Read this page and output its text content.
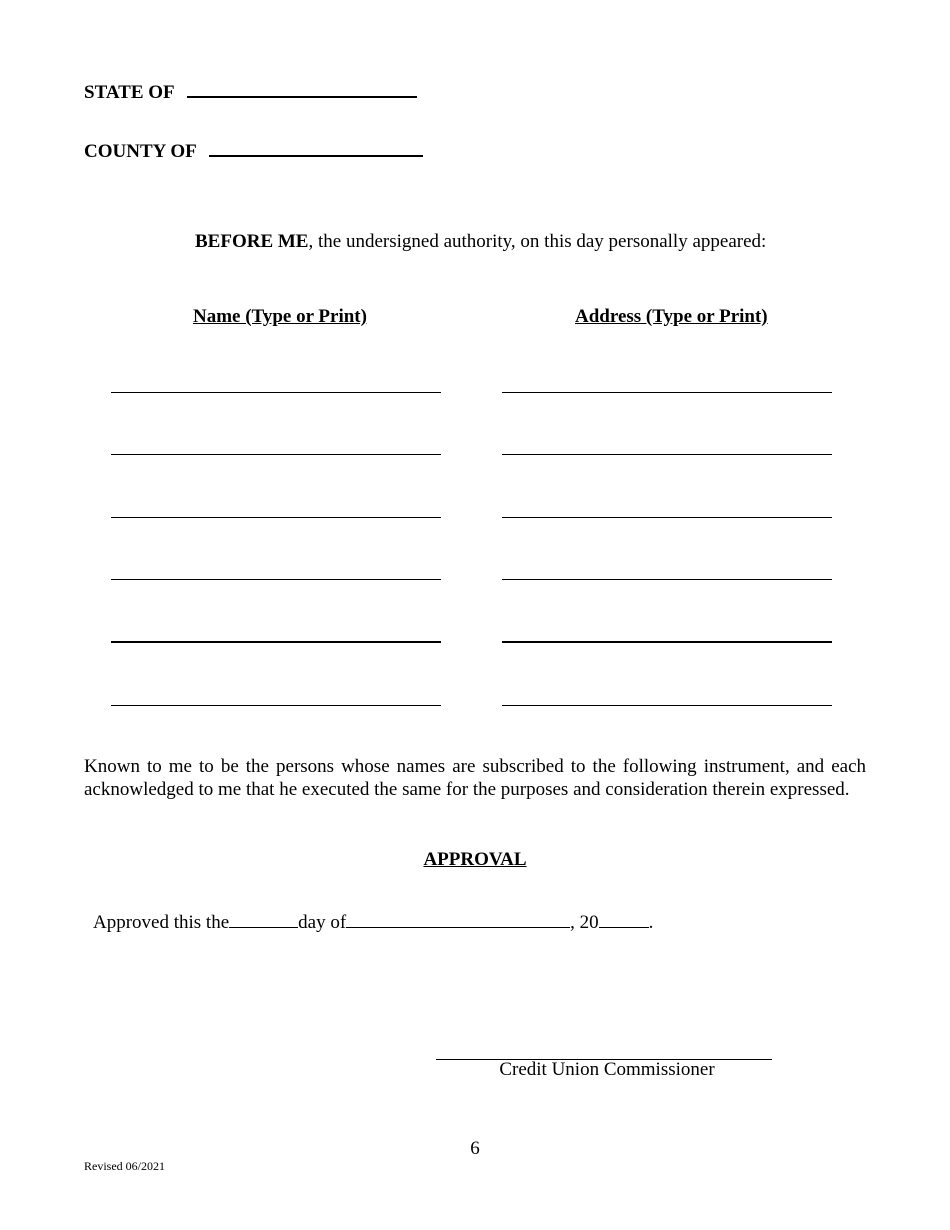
STATE OF
COUNTY OF
BEFORE ME, the undersigned authority, on this day personally appeared:
Name (Type or Print)	Address (Type or Print)
Known to me to be the persons whose names are subscribed to the following instrument, and each acknowledged to me that he executed the same for the purposes and consideration therein expressed.
APPROVAL
Approved this the	day of	, 20	.
Credit Union Commissioner
6
Revised 06/2021
